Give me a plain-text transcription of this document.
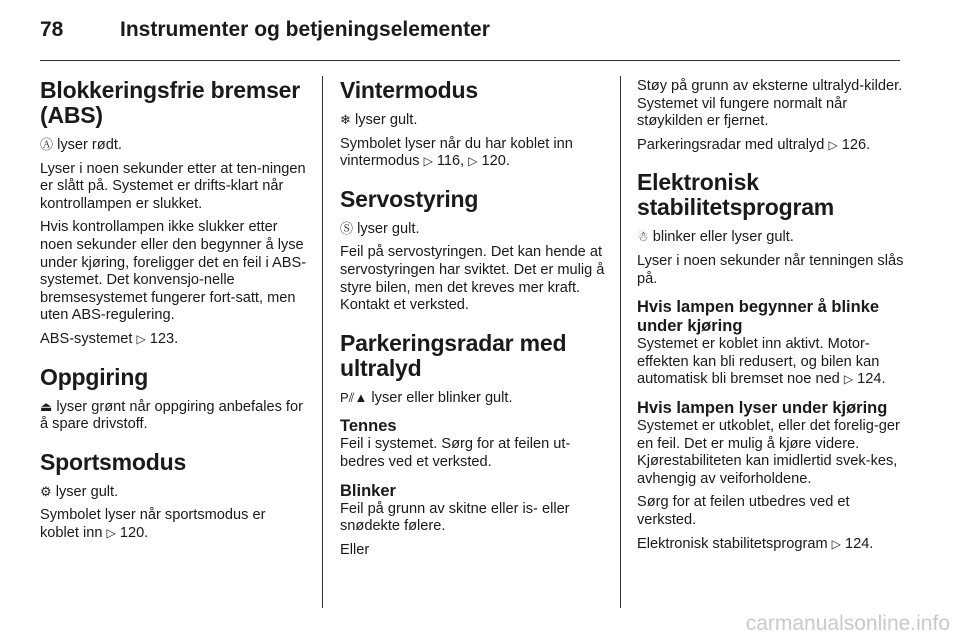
78	Instrumenter og betjeningselementer
Blokkeringsfrie bremser (ABS)

Ⓐ lyser rødt.

Lyser i noen sekunder etter at ten-ningen er slått på. Systemet er drifts-klart når kontrollampen er slukket.

Hvis kontrollampen ikke slukker etter noen sekunder eller den begynner å lyse under kjøring, foreligger det en feil i ABS-systemet. Det konvensjo-nelle bremsesystemet fungerer fort-satt, men uten ABS-regulering.

ABS-systemet ▷ 123.

Oppgiring

⏏ lyser grønt når oppgiring anbefales for å spare drivstoff.

Sportsmodus

⚙ lyser gult.

Symbolet lyser når sportsmodus er koblet inn ▷ 120.

Vintermodus

❄ lyser gult.

Symbolet lyser når du har koblet inn vintermodus ▷ 116, ▷ 120.

Servostyring

Ⓢ lyser gult.

Feil på servostyringen. Det kan hende at servostyringen har sviktet. Det er mulig å styre bilen, men det kreves mer kraft. Kontakt et verksted.

Parkeringsradar med ultralyd

P⫽▲ lyser eller blinker gult.

Tennes

Feil i systemet. Sørg for at feilen ut-bedres ved et verksted.

Blinker

Feil på grunn av skitne eller is- eller snødekte følere.

Eller

Støy på grunn av eksterne ultralyd-kilder. Systemet vil fungere normalt når støykilden er fjernet.

Parkeringsradar med ultralyd ▷ 126.

Elektronisk stabilitetsprogram

☃ blinker eller lyser gult.

Lyser i noen sekunder når tenningen slås på.

Hvis lampen begynner å blinke under kjøring

Systemet er koblet inn aktivt. Motor-effekten kan bli redusert, og bilen kan automatisk bli bremset noe ned ▷ 124.

Hvis lampen lyser under kjøring

Systemet er utkoblet, eller det forelig-ger en feil. Det er mulig å kjøre videre. Kjørestabiliteten kan imidlertid svek-kes, avhengig av veiforholdene.

Sørg for at feilen utbedres ved et verksted.

Elektronisk stabilitetsprogram ▷ 124.

carmanualsonline.info
